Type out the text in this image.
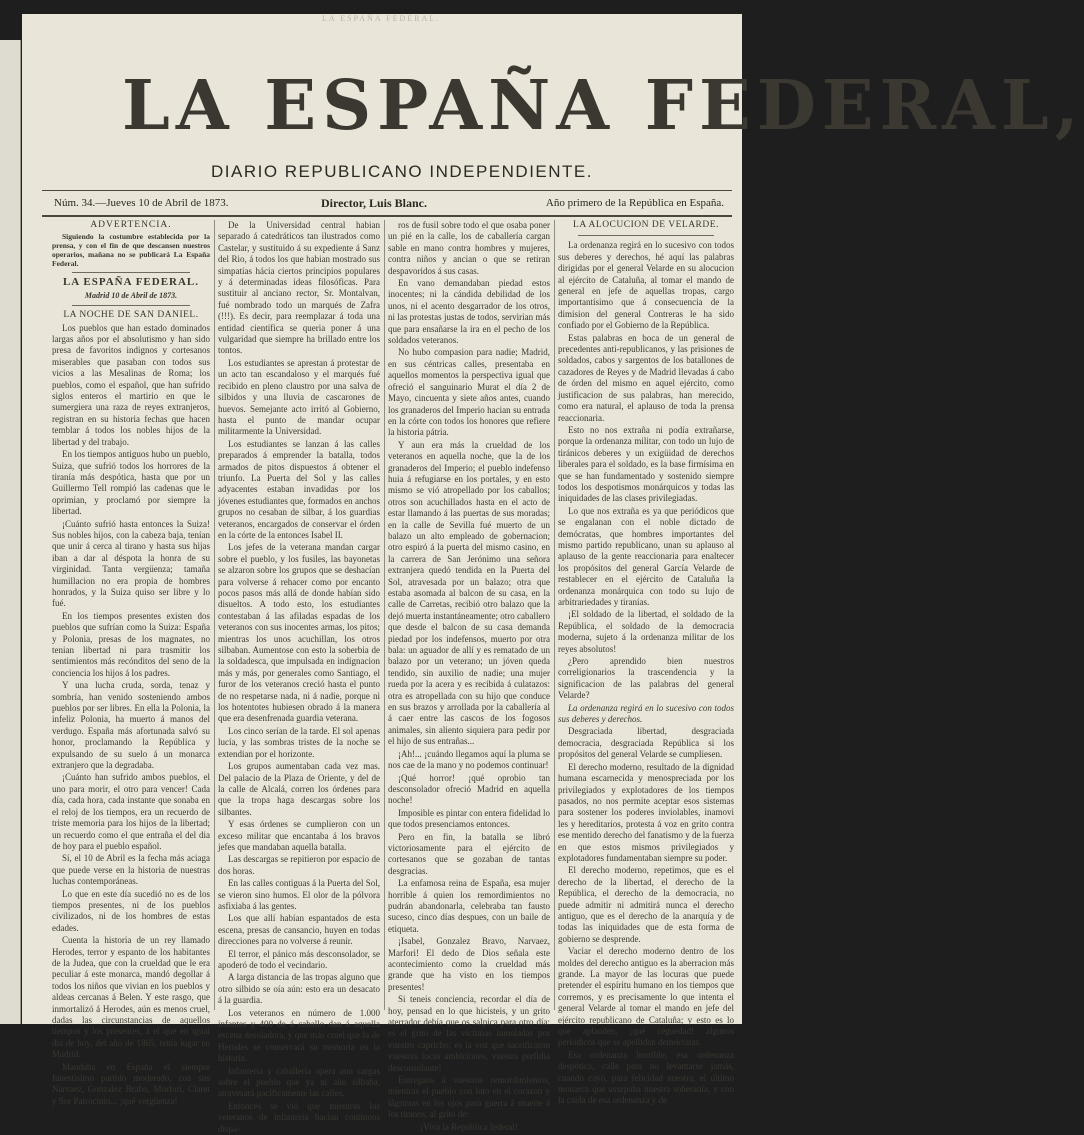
LA ESPAÑA FEDERAL.
LA ESPAÑA FEDERAL,
DIARIO REPUBLICANO INDEPENDIENTE.
Núm. 34.—Jueves 10 de Abril de 1873.	Director, Luis Blanc.	Año primero de la República en España.

ADVERTENCIA.

Siguiendo la costumbre establecida por la prensa, y con el fin de que descansen nuestros operarios, mañana no se publicará La España Federal.

LA ESPAÑA FEDERAL.

Madrid 10 de Abril de 1873.

LA NOCHE DE SAN DANIEL.

Los pueblos que han estado dominados largas años por el absolutismo y han sido presa de favoritos indignos y cortesanos miserables que pasaban con todos sus vicios a las Mesalinas de Roma; los pueblos, como el español, que han sufrido siglos enteros el martirio en que le sumergiera una raza de reyes extranjeros, registran en su historia fechas que hacen temblar á todos los nobles hijos de la libertad y del trabajo.

En los tiempos antiguos hubo un pueblo, Suiza, que sufrió todos los horrores de la tiranía más despótica, hasta que por un Guillermo Tell rompió las cadenas que le oprimian, y proclamó por siempre la libertad.

¡Cuánto sufrió hasta entonces la Suiza! Sus nobles hijos, con la cabeza baja, tenían que unir á cerca al tirano y hasta sus hijas iban a dar al déspota la honra de su virginidad. Tanta vergüenza; tamaña humillacion no era propia de hombres honrados, y la Suiza quiso ser libre y lo fué.

En los tiempos presentes existen dos pueblos que sufrían como la Suiza: España y Polonia, presas de los magnates, no tenian libertad ni para trasmitir los sentimientos más recónditos del seno de la conciencia los hijos á los padres.

Y una lucha cruda, sorda, tenaz y sombría, han venido sosteniendo ambos pueblos por ser libres. En ella la Polonia, la infeliz Polonia, ha muerto á manos del verdugo. España más afortunada salvó su honor, proclamando la República y expulsando de su suelo á un monarca extranjero que la degradaba.

¡Cuánto han sufrido ambos pueblos, el uno para morir, el otro para vencer! Cada día, cada hora, cada instante que sonaba en el reloj de los tiempos, era un recuerdo de triste memoria para los hijos de la libertad; un recuerdo como el que entraña el del dia de hoy para el pueblo español.

Sí, el 10 de Abril es la fecha más aciaga que puede verse en la historia de nuestras luchas contemporáneas.

Lo que en este día sucedió no es de los tiempos presentes, ni de los pueblos civilizados, ni de los hombres de estas edades.

Cuenta la historia de un rey llamado Herodes, terror y espanto de los habitantes de la Judea, que con la crueldad que le era peculiar á este monarca, mandó degollar á todos los niños que vivian en los pueblos y aldeas cercanas á Belen. Y este rasgo, que inmortalizó á Herodes, aún es menos cruel, dadas las circunstancias de aquellos tiempos y los presentes, á el que en igual día de hoy, del año de 1865, tenía lugar en Madrid.

Mandaba en España el siempre funestísimo partido moderado, con sus Narvaez, Gonzalez Brabo, Morfori, Claret y Sor Patrocinio... ¡qué vergüenza!

De la Universidad central habian separado á catedráticos tan ilustrados como Castelar, y sustituido á su expediente á Sanz del Rio, á todos los que habian mostrado sus simpatías hácia ciertos principios populares y á determinadas ideas filosóficas. Para sustituir al anciano rector, Sr. Montalvan, fué nombrado todo un marqués de Zafra (!!!). Es decir, para reemplazar á toda una entidad científica se queria poner á una vulgaridad que siempre ha brillado entre los tontos.

Los estudiantes se aprestan á protestar de un acto tan escandaloso y el marqués fué recibido en pleno claustro por una salva de silbidos y una lluvia de cascarones de huevos. Semejante acto irritó al Gobierno, hasta el punto de mandar ocupar militarmente la Universidad.

Los estudiantes se lanzan á las calles preparados á emprender la batalla, todos armados de pitos dispuestos á obtener el triunfo. La Puerta del Sol y las calles adyacentes estaban invadidas por los jóvenes estudiantes que, formados en anchos grupos no cesaban de silbar, á los guardias veteranos, encargados de conservar el órden en la córte de la entonces Isabel II.

Los jefes de la veterana mandan cargar sobre el pueblo, y los fusiles, las bayonetas se alzaron sobre los grupos que se deshacían para volverse á rehacer como por encanto pocos pasos más allá de donde habían sido disueltos. A todo esto, los estudiantes contestaban á las afiladas espadas de los veteranos con sus inocentes armas, los pitos; mientras los unos acuchillan, los otros silbaban. Aumentose con esto la soberbia de la soldadesca, que impulsada en indignacion más y más, por generales como Santiago, el furor de los veteranos creció hasta el punto de no respetarse nada, ni á nadie, porque ni los hotentotes hubiesen obrado á la manera que era desenfrenada guardia veterana.

Los cinco serían de la tarde. El sol apenas lucía, y las sombras tristes de la noche se extendian por el horizonte.

Los grupos aumentaban cada vez mas. Del palacio de la Plaza de Oriente, y del de la calle de Alcalá, corren los órdenes para que la tropa haga descargas sobre los silbantes.

Y esas órdenes se cumplieron con un exceso militar que encantaba á los bravos jefes que mandaban aquella batalla.

Las descargas se repitieron por espacio de dos horas.

En las calles contiguas á la Puerta del Sol, se vieron sino humos. El olor de la pólvora asfixiaba á las gentes.

Los que allí habían espantados de esta escena, presas de cansancio, huyen en todas direcciones para no volverse á reunir.

El terror, el pánico más desconsolador, se apoderó de todo el vecindario.

A larga distancia de las tropas alguno que otro silbido se oía aún: esto era un desacato á la guardia.

Los veteranos en número de 1.000 infantes y 400 de á caballo dan á aquella escena desoladora, y que más cruel que la de Herodes se conservará su memoria en la historia.

Infantería y caballería opera aun cargas sobre el pueblo que ya ni aún silbaba, atravesará pacíficamente las calles.

Entonces se vió que mientras los veteranos de infantería hacían continuos dispa-

ros de fusil sobre todo el que osaba poner un pié en la calle, los de caballería cargan sable en mano contra hombres y mujeres, contra niños y ancian o que se retiran despavoridos á sus casas.

En vano demandaban piedad estos inocentes; ni la cándida debilidad de los unos, ni el acento desgarrador de los otros, ni las protestas justas de todos, servirian más que para ensañarse la ira en el pecho de los soldados veteranos.

No hubo compasion para nadie; Madrid, en sus céntricas calles, presentaba en aquellos momentos la perspectiva igual que ofreció el sanguinario Murat el día 2 de Mayo, cincuenta y siete años antes, cuando los granaderos del Imperio hacian su entrada en la córte con todos los honores que refiere la historia pátria.

Y aun era más la crueldad de los veteranos en aquella noche, que la de los granaderos del Imperio; el pueblo indefenso huia á refugiarse en los portales, y en esto mismo se vió atropellado por los caballos; otros son acuchillados hasta en el acto de estar llamando á las puertas de sus moradas; en la calle de Sevilla fué muerto de un balazo un alto empleado de gobernacion; otro espiró á la puerta del mismo casino, en la carrera de San Jerónimo una señora extranjera quedó tendida en la Puerta del Sol, atravesada por un balazo; otra que estaba asomada al balcon de su casa, en la calle de Carretas, recibió otro balazo que la dejó muerta instantáneamente; otro caballero que desde el balcon de su casa demanda piedad por los indefensos, muerto por otra bala: un aguador de allí y es rematado de un balazo por un veterano; un jóven queda tendido, sin auxilio de nadie; una mujer rueda por la acera y es recibida á culatazos: otra es atropellada con su hijo que conduce en sus brazos y arrollada por la caballería al á caer entre las cascos de los fogosos animales, sin aliento siquiera para pedir por el hijo de sus entrañas...

¡Ah!... ¡cuándo llegamos aquí la pluma se nos cae de la mano y no podemos continuar!

¡Qué horror! ¡qué oprobio tan desconsolador ofreció Madrid en aquella noche!

Imposible es pintar con entera fidelidad lo que todos presenciamos entonces.

Pero en fin, la batalla se libró victoriosamente para el ejército de cortesanos que se gozaban de tantas desgracias.

La enfamosa reina de España, esa mujer horrible á quien los remordimientos no pudrán abandonarla, celebraba tan fausto suceso, cinco días despues, con un baile de etiqueta.

¡Isabel, Gonzalez Bravo, Narvaez, Marfori! El dedo de Dios señala este acontecimiento como la crueldad más grande que ha visto en los tiempos presentes!

Si teneis conciencia, recordar el día de hoy, pensad en lo que hicisteis, y un grito aterrador debía que os salpica para otro día: es el grito de las víctimas inmoladas por vuestro capricho; es la voz que sacrificaron vuestras locas ambiciones, vuestra perfidia desconsolante!

Entregaos á vuestros remordimientos, mientras el pueblo con luto en el corazon y lágrimas en los ojos para guerra á muerte á los tiranos, al grito de:

¡Viva la República federal!

LA ALOCUCION DE VELARDE.

La ordenanza regirá en lo sucesivo con todos sus deberes y derechos, hé aquí las palabras dirigidas por el general Velarde en su alocucion al ejército de Cataluña, al tomar el mando de general en jefe de aquellas tropas, cargo importantísimo que á consecuencia de la dimision del general Contreras le ha sido confiado por el Gobierno de la República.

Estas palabras en boca de un general de precedentes anti-republicanos, y las prisiones de soldados, cabos y sargentos de los batallones de cazadores de Reyes y de Madrid llevadas á cabo de órden del mismo en aquel ejército, como justificacion de sus palabras, han merecido, como era natural, el aplauso de toda la prensa reaccionaria.

Esto no nos extraña ni podía extrañarse, porque la ordenanza militar, con todo un lujo de tiránicos deberes y un exigüidad de derechos liberales para el soldado, es la base firmísima en que se han fundamentado y sostenido siempre todos los despotismos monárquicos y todas las iniquidades de las clases privilegiadas.

Lo que nos extraña es ya que periódicos que se engalanan con el noble dictado de demócratas, que hombres importantes del mismo partido republicano, unan su aplauso al aplauso de la gente reaccionaria para enaltecer los propósitos del general García Velarde de restablecer en el ejército de Cataluña la ordenanza monárquica con todo su lujo de arbitrariedades y tiranías.

¡El soldado de la libertad, el soldado de la República, el soldado de la democracia moderna, sujeto á la ordenanza militar de los reyes absolutos!

¿Pero aprendido bien nuestros correligionarios la trascendencia y la significacion de las palabras del general Velarde?

La ordenanza regirá en lo sucesivo con todos sus deberes y derechos.

Desgraciada libertad, desgraciada democracia, desgraciada República si los propósitos del general Velarde se cumpliesen.

El derecho moderno, resultado de la dignidad humana escarnecida y menospreciada por los privilegiados y explotadores de los tiempos pasados, no nos permite aceptar esos sistemas para sostener los poderes inviolables, inamovi les y hereditarios, protesta á voz en grito contra ese mentido derecho del fanatismo y de la fuerza en que estos mismos privilegiados y explotadores fundamentaban siempre su poder.

El derecho moderno, repetimos, que es el derecho de la libertad, el derecho de la República, el derecho de la democracia, no puede admitir ni admitirá nunca el derecho antiguo, que es el derecho de la anarquía y de todas las iniquidades que de esta forma de gobierno se desprende.

Vaciar el derecho moderno dentro de los moldes del derecho antiguo es la aberracion más grande. La mayor de las locuras que puede pretender el espíritu humano en los tiempos que corremos, y es precisamente lo que intenta el general Velarde al tomar el mando en jefe del ejército republicano de Cataluña; y esto es lo que aplauden, ¡qué ceguedad! algunos periódicos que se apellidan demócratas.

Esa ordenanza horrible, esa ordenanza despótica, calle para no levantarse jamás, cuando cayó, para felicidad nuestra, el último monarca que usurpaba nuestra soberanía, y con la caída de esa ordenanza y de
